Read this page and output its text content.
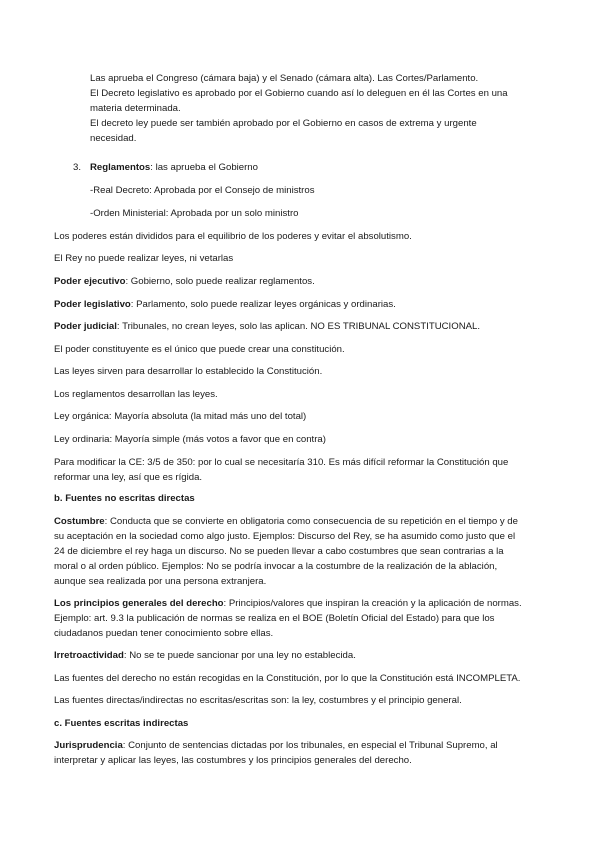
Las aprueba el Congreso (cámara baja) y el Senado (cámara alta). Las Cortes/Parlamento.
El Decreto legislativo es aprobado por el Gobierno cuando así lo deleguen en él las Cortes en una
materia determinada.
El decreto ley puede ser también aprobado por el Gobierno en casos de extrema y urgente
necesidad.
3. Reglamentos: las aprueba el Gobierno
-Real Decreto: Aprobada por el Consejo de ministros
-Orden Ministerial: Aprobada por un solo ministro
Los poderes están divididos para el equilibrio de los poderes y evitar el absolutismo.
El Rey no puede realizar leyes, ni vetarlas
Poder ejecutivo: Gobierno, solo puede realizar reglamentos.
Poder legislativo: Parlamento, solo puede realizar leyes orgánicas y ordinarias.
Poder judicial: Tribunales, no crean leyes, solo las aplican. NO ES TRIBUNAL CONSTITUCIONAL.
El poder constituyente es el único que puede crear una constitución.
Las leyes sirven para desarrollar lo establecido la Constitución.
Los reglamentos desarrollan las leyes.
Ley orgánica: Mayoría absoluta (la mitad más uno del total)
Ley ordinaria: Mayoría simple (más votos a favor que en contra)
Para modificar la CE: 3/5 de 350: por lo cual se necesitaría 310. Es más difícil reformar la Constitución que
reformar una ley, así que es rígida.
b. Fuentes no escritas directas
Costumbre: Conducta que se convierte en obligatoria como consecuencia de su repetición en el tiempo y de
su aceptación en la sociedad como algo justo. Ejemplos: Discurso del Rey, se ha asumido como justo que el
24 de diciembre el rey haga un discurso. No se pueden llevar a cabo costumbres que sean contrarias a la
moral o al orden público. Ejemplos: No se podría invocar a la costumbre de la realización de la ablación,
aunque sea realizada por una persona extranjera.
Los principios generales del derecho: Principios/valores que inspiran la creación y la aplicación de normas.
Ejemplo: art. 9.3 la publicación de normas se realiza en el BOE (Boletín Oficial del Estado) para que los
ciudadanos puedan tener conocimiento sobre ellas.
Irretroactividad: No se te puede sancionar por una ley no establecida.
Las fuentes del derecho no están recogidas en la Constitución, por lo que la Constitución está INCOMPLETA.
Las fuentes directas/indirectas no escritas/escritas son: la ley, costumbres y el principio general.
c. Fuentes escritas indirectas
Jurisprudencia: Conjunto de sentencias dictadas por los tribunales, en especial el Tribunal Supremo, al
interpretar y aplicar las leyes, las costumbres y los principios generales del derecho.
